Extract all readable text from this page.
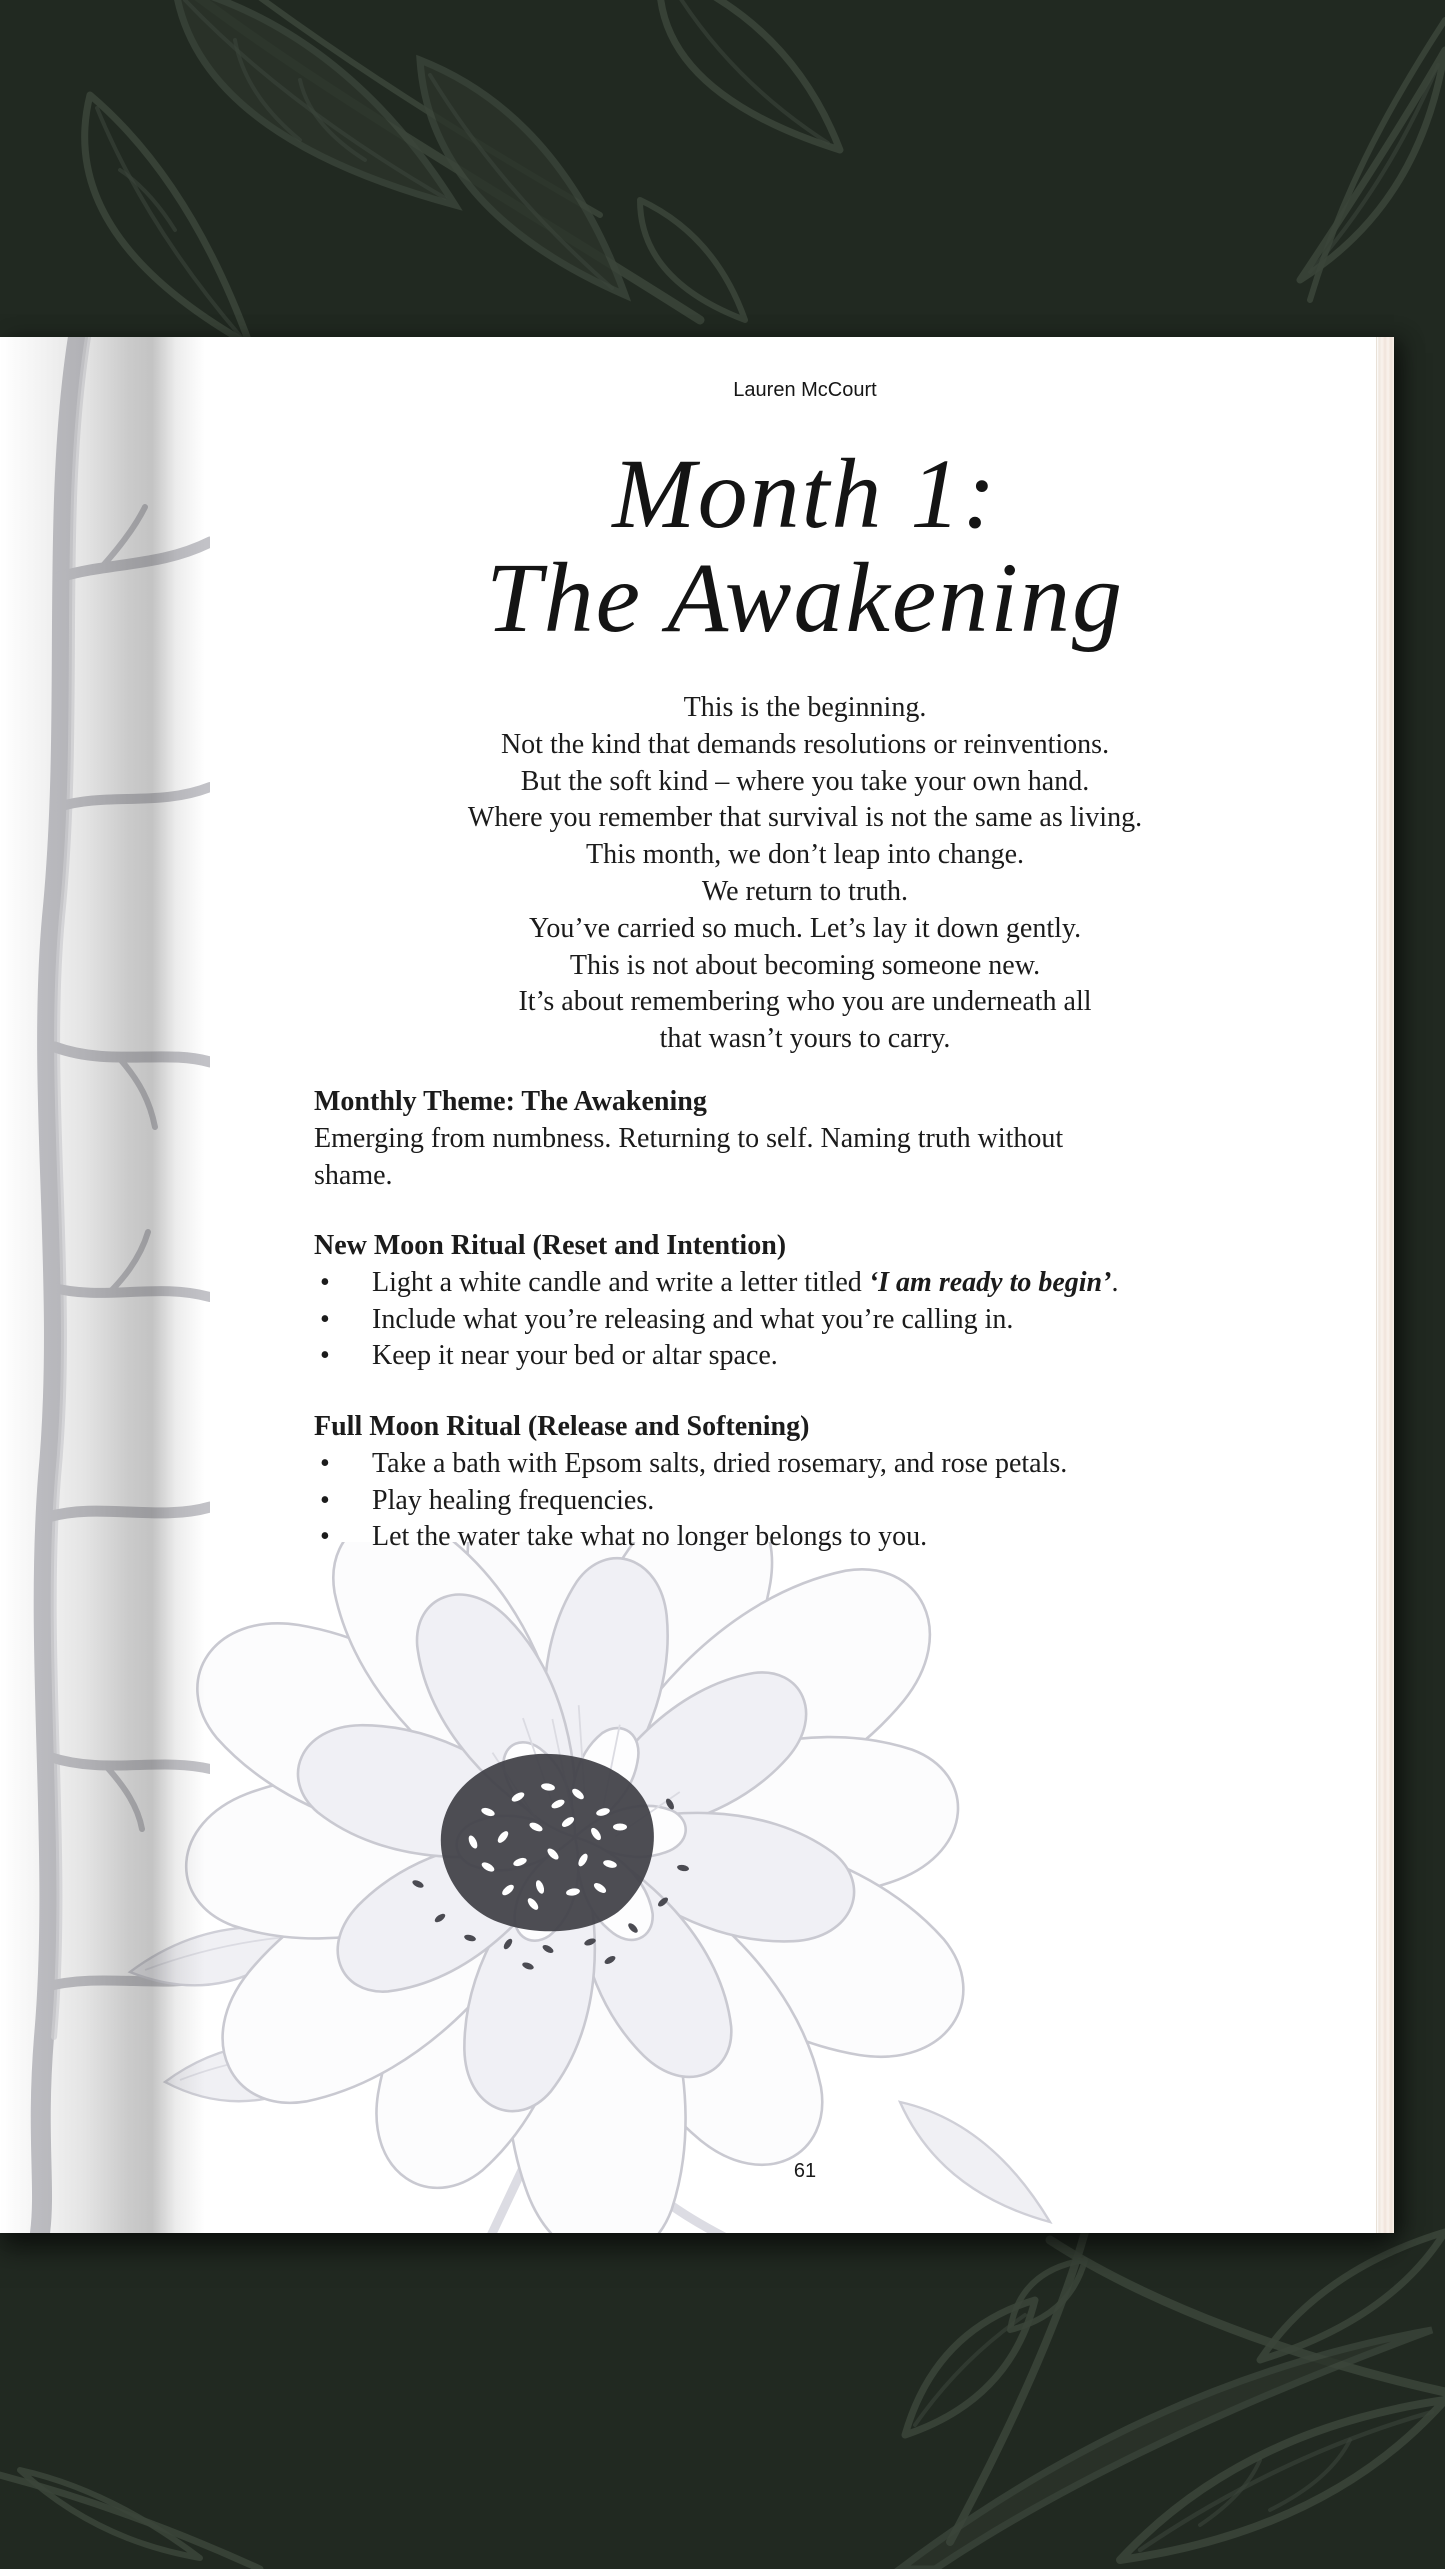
Lauren McCourt
Month 1:
The Awakening
This is the beginning.
Not the kind that demands resolutions or reinventions.
But the soft kind – where you take your own hand.
Where you remember that survival is not the same as living.
This month, we don’t leap into change.
We return to truth.
You’ve carried so much. Let’s lay it down gently.
This is not about becoming someone new.
It’s about remembering who you are underneath all
that wasn’t yours to carry.
Monthly Theme: The Awakening
Emerging from numbness. Returning to self. Naming truth without
shame.
New Moon Ritual (Reset and Intention)
• Light a white candle and write a letter titled ‘I am ready to begin’.
• Include what you’re releasing and what you’re calling in.
• Keep it near your bed or altar space.
Full Moon Ritual (Release and Softening)
• Take a bath with Epsom salts, dried rosemary, and rose petals.
• Play healing frequencies.
• Let the water take what no longer belongs to you.
61
